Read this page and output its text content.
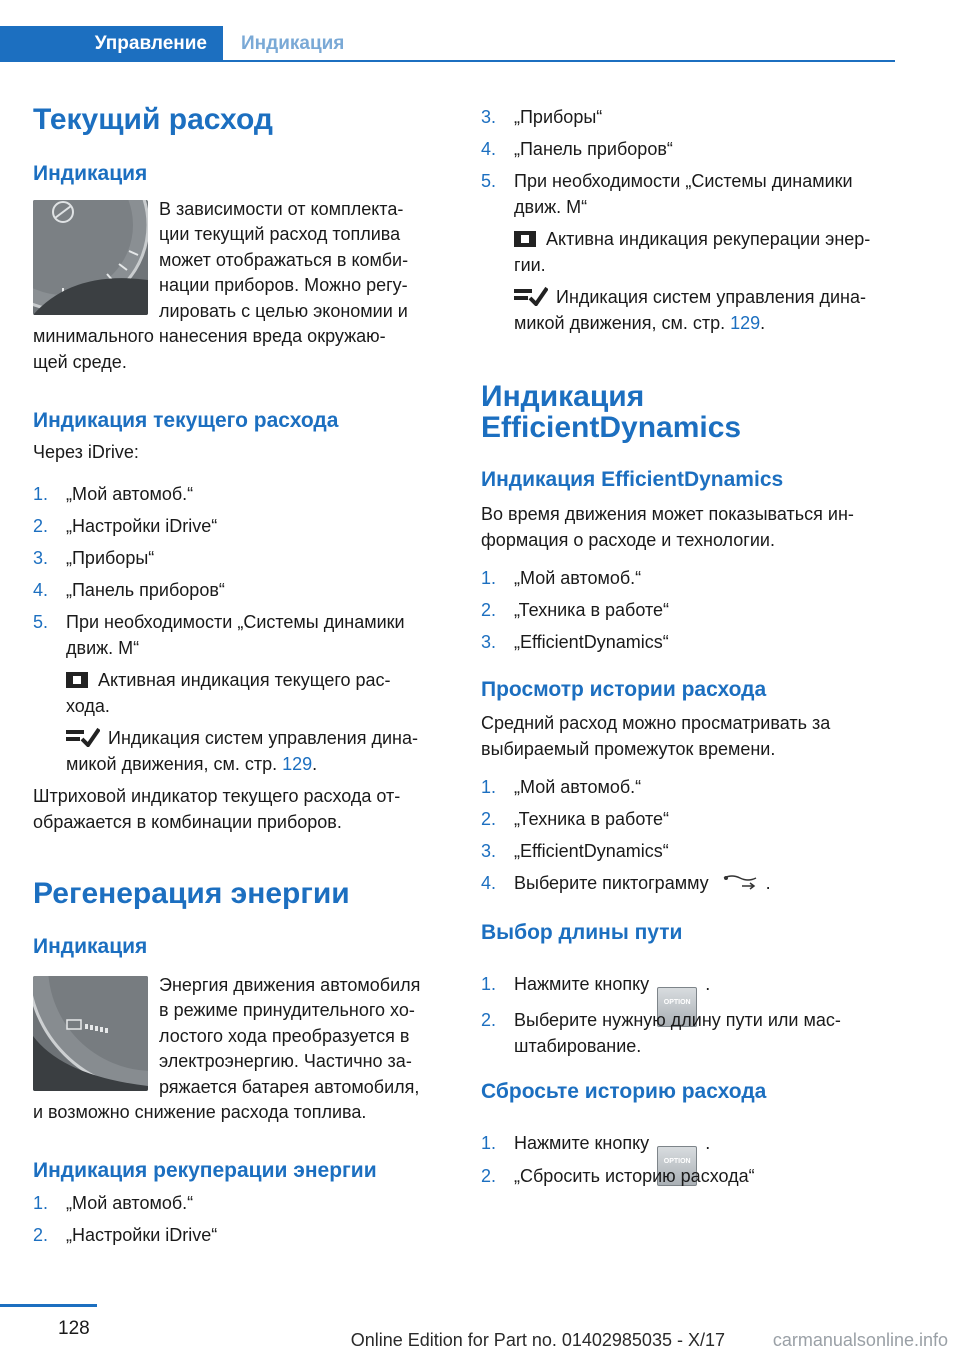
Управление	Индикация
Текущий расход
Индикация

В зависимости от комплекта-

ции текущий расход топлива

может отображаться в комби-

нации приборов. Можно регу-

лировать с целью экономии и

минимального нанесения вреда окружаю-

щей среде.

Индикация текущего расхода

Через iDrive:

1. „Мой автомоб.“
2. „Настройки iDrive“
3. „Приборы“
4. „Панель приборов“
5. При необходимости „Системы динамики

движ. M“

Активная индикация текущего рас-

хода.

Индикация систем управления дина-

микой движения, см. стр. 129.

Штриховой индикатор текущего расхода от-

ображается в комбинации приборов.

Регенерация энергии
Индикация

Энергия движения автомобиля

в режиме принудительного хо-

лостого хода преобразуется в

электроэнергию. Частично за-

ряжается батарея автомобиля,

и возможно снижение расхода топлива.

Индикация рекуперации энергии
1. „Мой автомоб.“
2. „Настройки iDrive“
3. „Приборы“
4. „Панель приборов“
5. При необходимости „Системы динамики

движ. M“

Активна индикация рекуперации энер-

гии.

Индикация систем управления дина-

микой движения, см. стр. 129.

Индикация
EfficientDynamics
Индикация EfficientDynamics

Во время движения может показываться ин-

формация о расходе и технологии.

1. „Мой автомоб.“
2. „Техника в работе“
3. „EfficientDynamics“
Просмотр истории расхода

Средний расход можно просматривать за

выбираемый промежуток времени.

1. „Мой автомоб.“
2. „Техника в работе“
3. „EfficientDynamics“
4. Выберите пиктограмму	.
Выбор длины пути
1. Нажмите кнопкуOPTION.
2. Выберите нужную длину пути или мас-

штабирование.

Сбросьте историю расхода
1. Нажмите кнопкуOPTION.
2. „Сбросить историю расхода“
128
Online Edition for Part no. 01402985035 - X/17	carmanualsonline.info
